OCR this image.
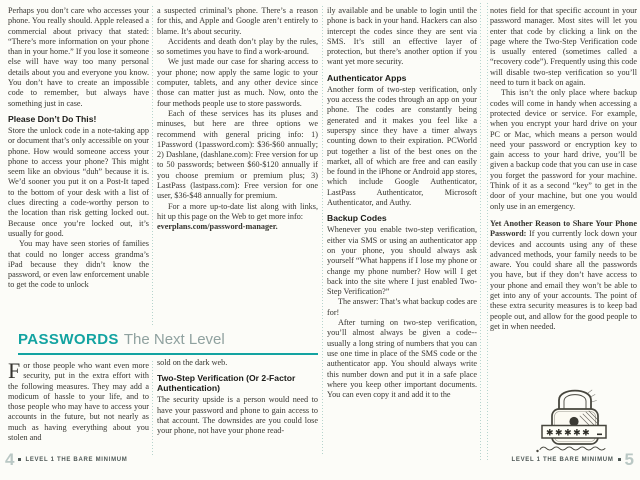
Perhaps you don’t care who accesses your phone. You really should. Apple released a commercial about privacy that stated: “There’s more information on your phone than in your home.” If you lose it someone else will have way too many personal details about you and everyone you know. You don’t have to create an impossible code to remember, but always have something just in case.

Please Don’t Do This!

Store the unlock code in a note-taking app or document that’s only accessible on your phone. How would someone access your phone to access your phone? This might seem like an obvious “duh” because it is. We’d sooner you put it on a Post-It taped to the bottom of your desk with a list of clues directing a code-worthy person to the location than risk getting locked out. Because once you’re locked out, it’s usually for good.

You may have seen stories of families that could no longer access grandma’s iPad because they didn’t know the password, or even law enforcement unable to get the code to unlock

a suspected criminal’s phone. There’s a reason for this, and Apple and Google aren’t entirely to blame. It’s about security.

Accidents and death don’t play by the rules, so sometimes you have to find a work-around.

We just made our case for sharing access to your phone; now apply the same logic to your computer, tablets, and any other device since those can matter just as much. Now, onto the four methods people use to store passwords.

Each of these services has its pluses and minuses, but here are three options we recommend with general pricing info: 1) 1Password (1password.com): $36-$60 annually; 2) Dashlane, (dashlane.com): Free version for up to 50 passwords; between $60-$120 annually if you choose premium or premium plus; 3) LastPass (lastpass.com): Free version for one user, $36-$48 annually for premium.

For a more up-to-date list along with links, hit up this page on the Web to get more info:

everplans.com/password-manager.

PASSWORDS The Next Level

For those people who want even more security, put in the extra effort with the following measures. They may add a modicum of hassle to your life, and to those people who may have to access your accounts in the future, but not nearly as much as having everything about you stolen and

sold on the dark web.

Two-Step Verification (Or 2-Factor Authentication)

The security upside is a person would need to have your password and phone to gain access to that account. The downsides are you could lose your phone, not have your phone read-

ily available and be unable to login until the phone is back in your hand. Hackers can also intercept the codes since they are sent via SMS. It’s still an effective layer of protection, but there’s another option if you want yet more security.

Authenticator Apps

Another form of two-step verification, only you access the codes through an app on your phone. The codes are constantly being generated and it makes you feel like a superspy since they have a timer always counting down to their expiration. PCWorld put together a list of the best ones on the market, all of which are free and can easily be found in the iPhone or Android app stores, which include Google Authenticator, LastPass Authenticator, Microsoft Authenticator, and Authy.

Backup Codes

Whenever you enable two-step verification, either via SMS or using an authenticator app on your phone, you should always ask yourself “What happens if I lose my phone or change my phone number? How will I get back into the site where I just enabled Two-Step Verification?”

The answer: That’s what backup codes are for!

After turning on two-step verification, you’ll almost always be given a code--usually a long string of numbers that you can use one time in place of the SMS code or the authenticator app. You should always write this number down and put it in a safe place where you keep other important documents. You can even copy it and add it to the

4 LEVEL 1 THE BARE MINIMUM

notes field for that specific account in your password manager. Most sites will let you enter that code by clicking a link on the page where the Two-Step Verification code is usually entered (sometimes called a “recovery code”). Frequently using this code will disable two-step verification so you’ll need to turn it back on again.

This isn’t the only place where backup codes will come in handy when accessing a protected device or service. For example, when you encrypt your hard drive on your PC or Mac, which means a person would need your password or encryption key to gain access to your hard drive, you’ll be given a backup code that you can use in case you forget the password for your machine. Think of it as a second “key” to get in the door of your machine, but one you would only use in an emergency.

Yet Another Reason to Share Your Phone Password: If you currently lock down your devices and accounts using any of these advanced methods, your family needs to be aware. You could share all the passwords you have, but if they don’t have access to your phone and email they won’t be able to get into any of your accounts. The point of these extra security measures is to keep bad people out, and allow for the good people to get in when needed.

✱✱✱✱✱
LEVEL 1 THE BARE MINIMUM 5
